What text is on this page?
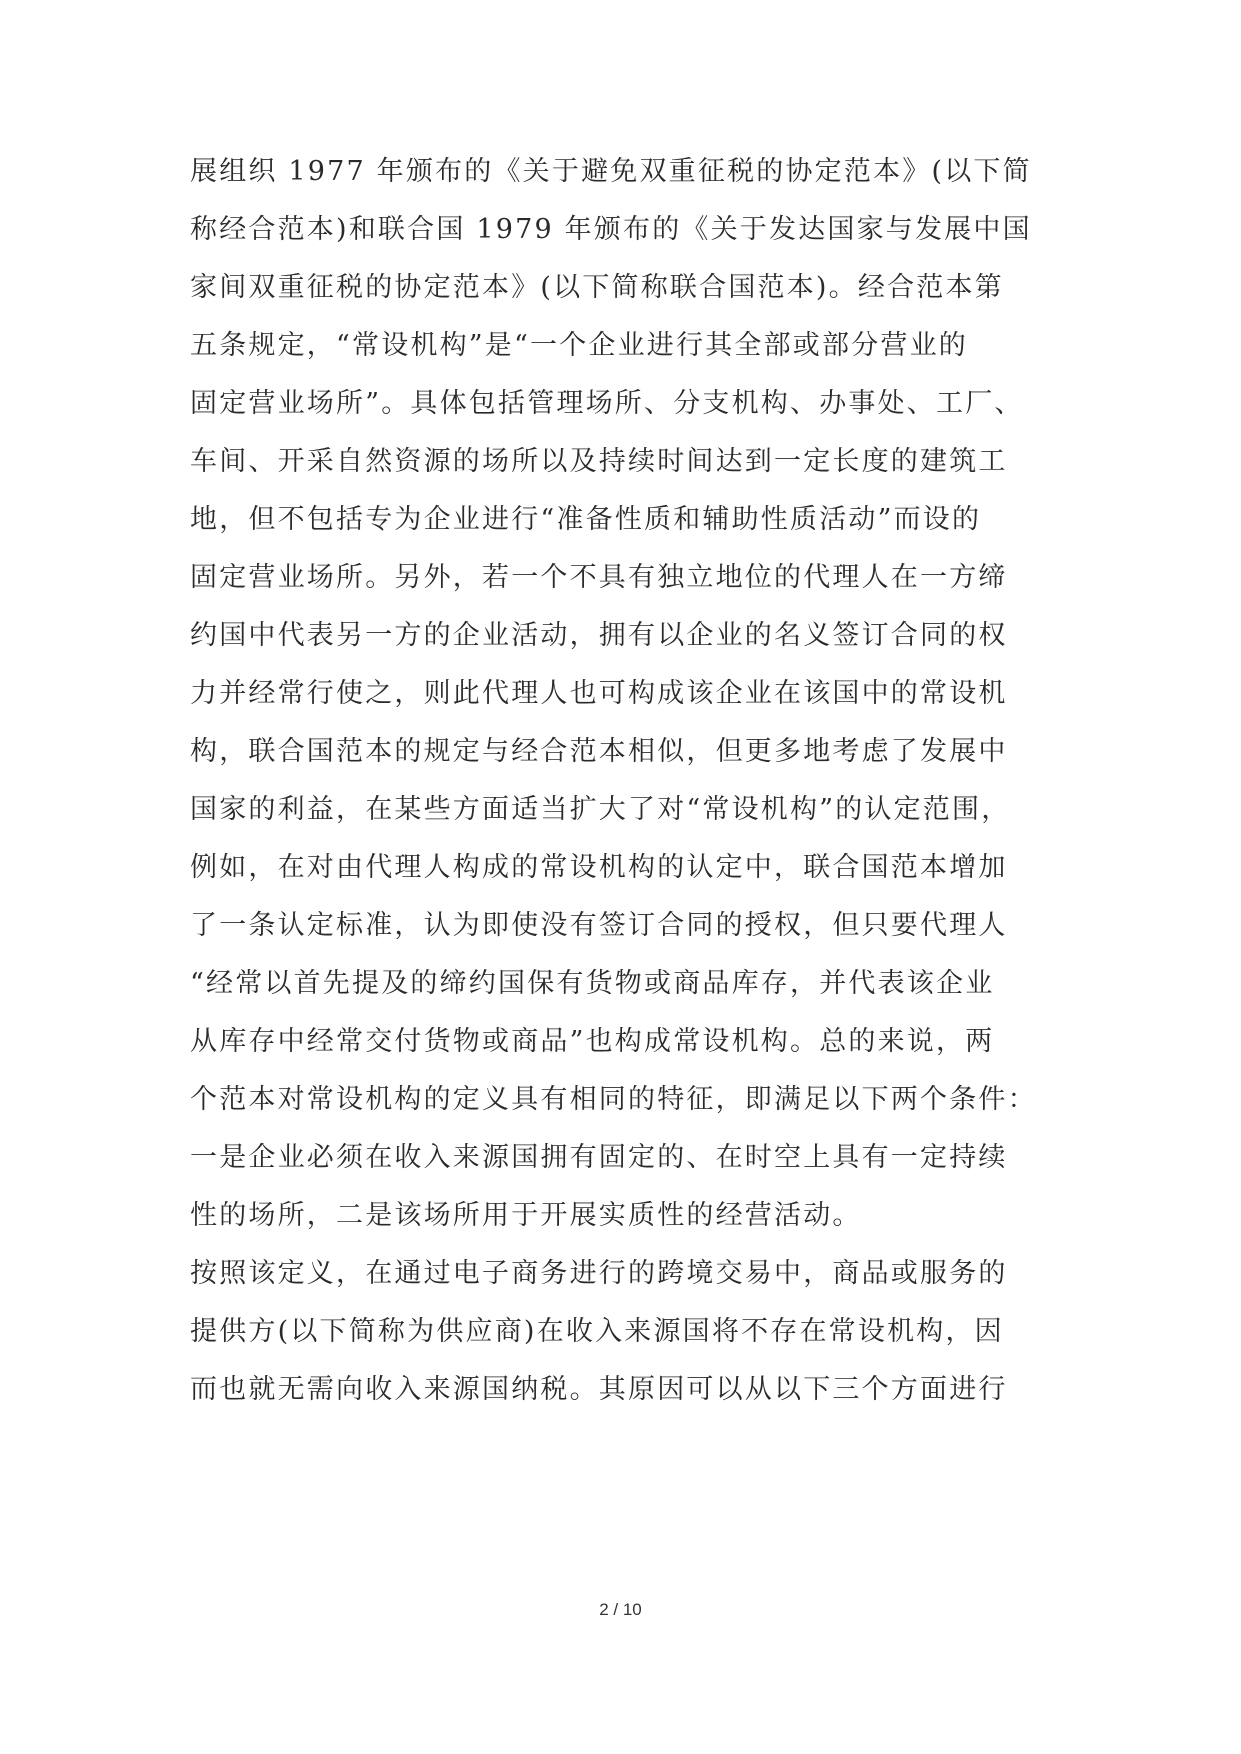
展组织 1977 年颁布的《关于避免双重征税的协定范本》(以下简
称经合范本)和联合国 1979 年颁布的《关于发达国家与发展中国
家间双重征税的协定范本》(以下简称联合国范本)。经合范本第
五条规定，“常设机构”是“一个企业进行其全部或部分营业的
固定营业场所”。具体包括管理场所、分支机构、办事处、工厂、
车间、开采自然资源的场所以及持续时间达到一定长度的建筑工
地，但不包括专为企业进行“准备性质和辅助性质活动”而设的
固定营业场所。另外，若一个不具有独立地位的代理人在一方缔
约国中代表另一方的企业活动，拥有以企业的名义签订合同的权
力并经常行使之，则此代理人也可构成该企业在该国中的常设机
构，联合国范本的规定与经合范本相似，但更多地考虑了发展中
国家的利益，在某些方面适当扩大了对“常设机构”的认定范围，
例如，在对由代理人构成的常设机构的认定中，联合国范本增加
了一条认定标准，认为即使没有签订合同的授权，但只要代理人
“经常以首先提及的缔约国保有货物或商品库存，并代表该企业
从库存中经常交付货物或商品”也构成常设机构。总的来说，两
个范本对常设机构的定义具有相同的特征，即满足以下两个条件：
一是企业必须在收入来源国拥有固定的、在时空上具有一定持续
性的场所，二是该场所用于开展实质性的经营活动。
按照该定义，在通过电子商务进行的跨境交易中，商品或服务的
提供方(以下简称为供应商)在收入来源国将不存在常设机构，因
而也就无需向收入来源国纳税。其原因可以从以下三个方面进行
2 / 10
